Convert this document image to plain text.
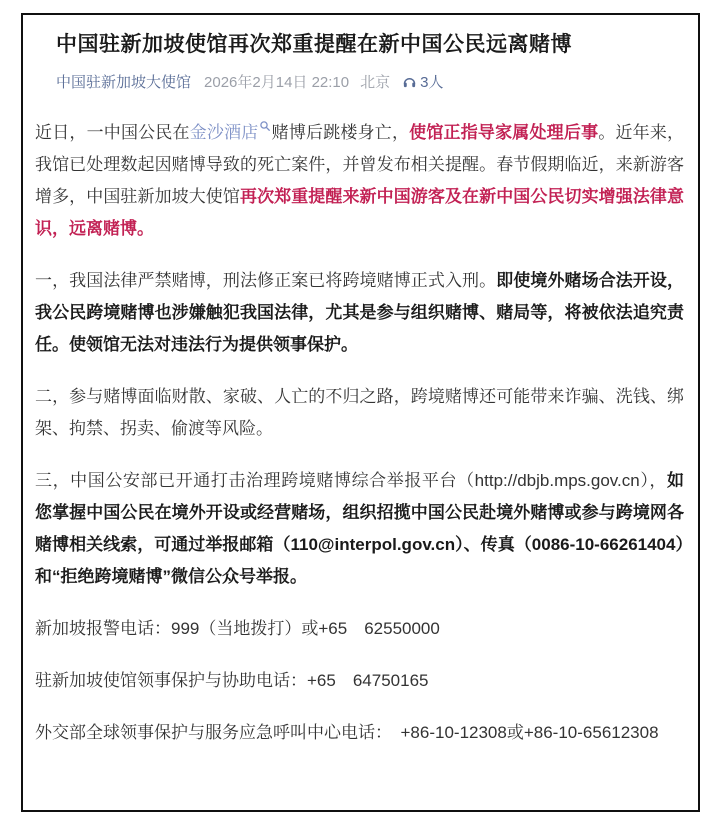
中国驻新加坡使馆再次郑重提醒在新中国公民远离赌博
中国驻新加坡大使馆 2026年2月14日 22:10 北京 3人

近日，一中国公民在金沙酒店 赌博后跳楼身亡，使馆正指导家属处理后事。近年来，我馆已处理数起因赌博导致的死亡案件，并曾发布相关提醒。春节假期临近，来新游客增多，中国驻新加坡大使馆再次郑重提醒来新中国游客及在新中国公民切实增强法律意识，远离赌博。

一，我国法律严禁赌博，刑法修正案已将跨境赌博正式入刑。即使境外赌场合法开设，我公民跨境赌博也涉嫌触犯我国法律，尤其是参与组织赌博、赌局等，将被依法追究责任。使领馆无法对违法行为提供领事保护。

二，参与赌博面临财散、家破、人亡的不归之路，跨境赌博还可能带来诈骗、洗钱、绑架、拘禁、拐卖、偷渡等风险。

三，中国公安部已开通打击治理跨境赌博综合举报平台（http://dbjb.mps.gov.cn），如您掌握中国公民在境外开设或经营赌场，组织招揽中国公民赴境外赌博或参与跨境网各赌博相关线索，可通过举报邮箱（110@interpol.gov.cn）、传真（0086-10-66261404）和“拒绝跨境赌博”微信公众号举报。

新加坡报警电话：999（当地拨打）或+65　62550000

驻新加坡使馆领事保护与协助电话：+65　64750165

外交部全球领事保护与服务应急呼叫中心电话：　+86-10-12308或+86-10-65612308
